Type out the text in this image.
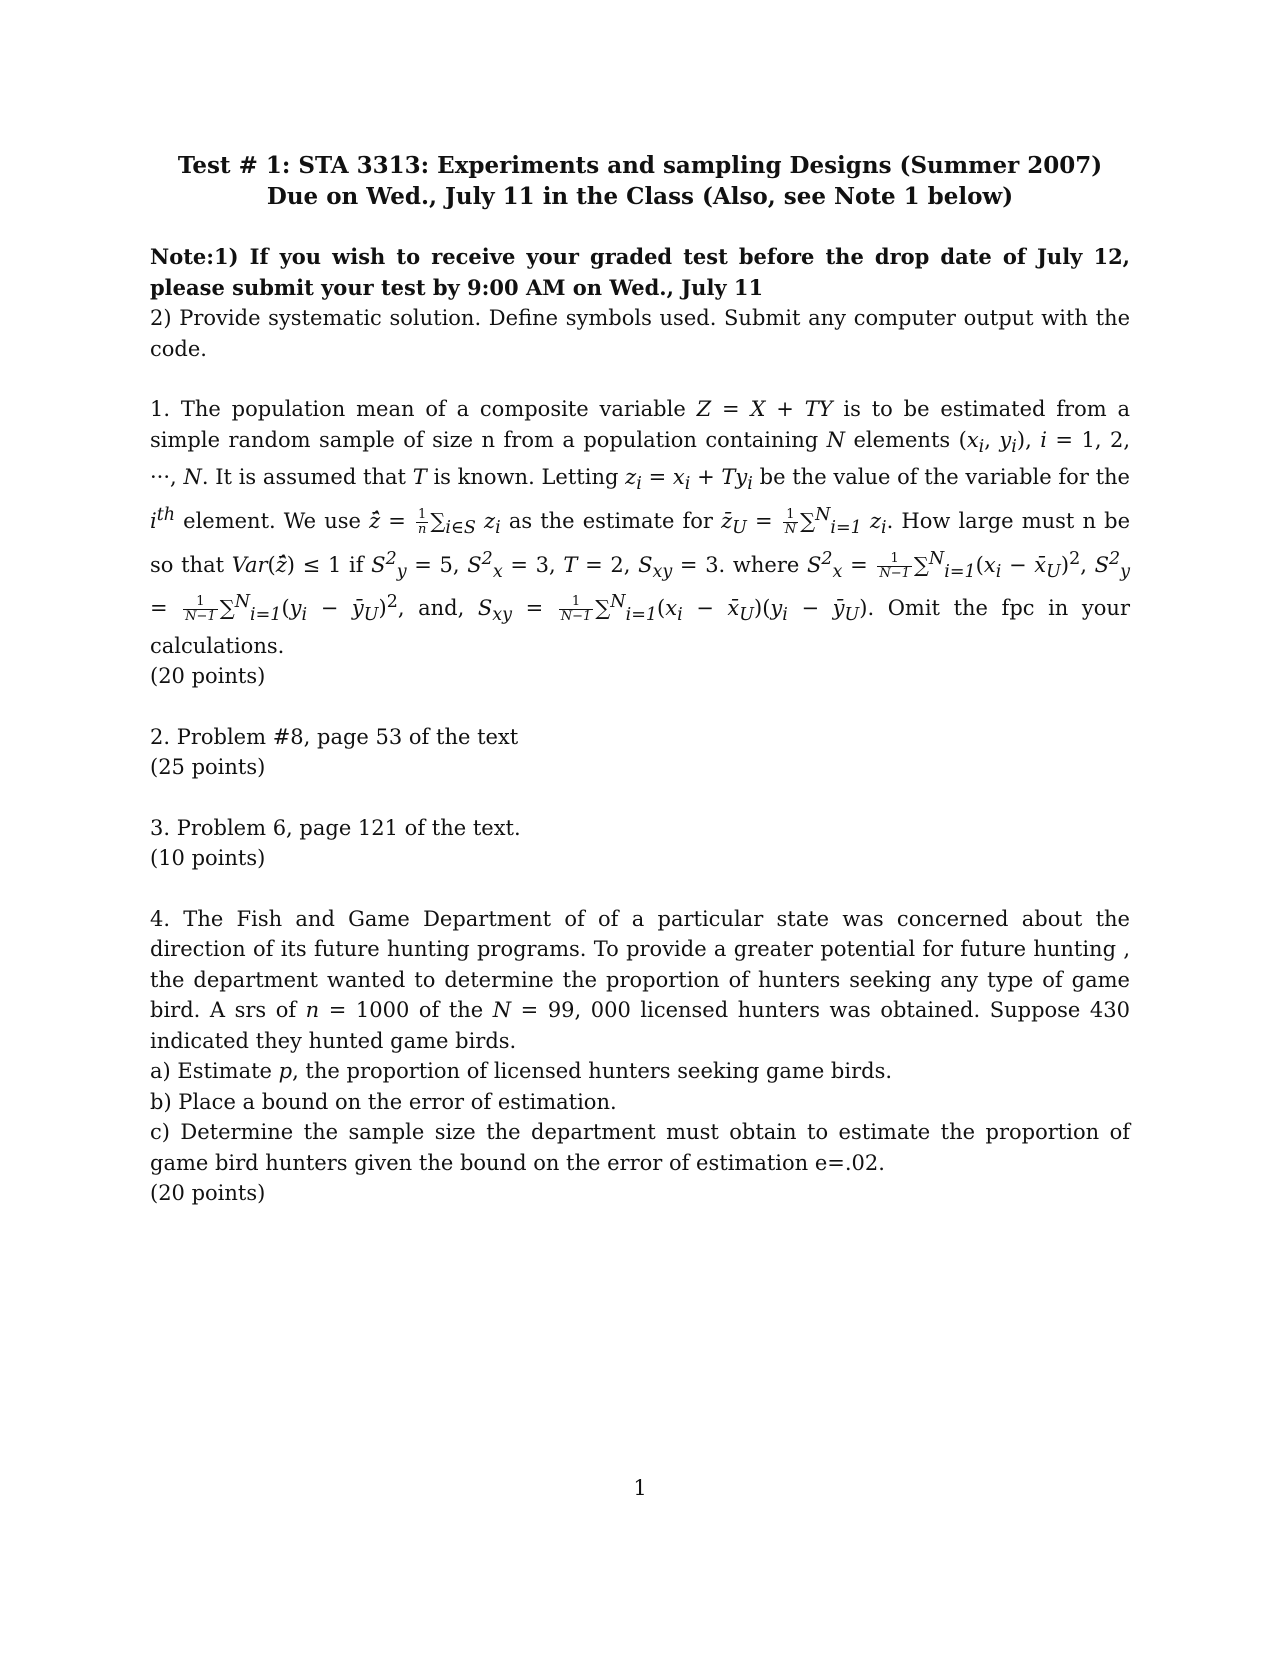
Test # 1: STA 3313: Experiments and sampling Designs (Summer 2007)
Due on Wed., July 11 in the Class (Also, see Note 1 below)

Note:1) If you wish to receive your graded test before the drop date of July 12, please submit your test by 9:00 AM on Wed., July 11

2) Provide systematic solution. Define symbols used. Submit any computer output with the code.

1. The population mean of a composite variable Z = X + TY is to be estimated from a simple random sample of size n from a population containing N elements ($x_i$, $y_i$), i = 1, 2, ···, N. It is assumed that T is known. Letting $z_i = x_i + Ty_i$ be the value of the variable for the $i^{th}$ element. We use ẑ̄ = $\frac{1}{n} \sum_{i\in S}$ $z_i$ as the estimate for $z̄_U = \frac{1}{N} \sum^N_{i=1}$ $z_i$. How large must n be so that Var(ẑ̄) ≤ 1 if $S^2_y = 5$, $S^2_x = 3$, T = 2, $S_{xy} = 3$. where $S^2_x = \frac{1}{N-1} \sum^N_{i=1}(x_i$ − $x̄_U)^2$, $S^2_y = \frac{1}{N-1} \sum^N_{i=1}(y_i$ − $ȳ_U)^2$, and, $S_{xy} = \frac{1}{N-1} \sum^N_{i=1}(x_i$ − $x̄_U)(y_i$ − $ȳ_U$). Omit the fpc in your calculations.

(20 points)

2. Problem #8, page 53 of the text

(25 points)

3. Problem 6, page 121 of the text.

(10 points)

4. The Fish and Game Department of of a particular state was concerned about the direction of its future hunting programs. To provide a greater potential for future hunting , the department wanted to determine the proportion of hunters seeking any type of game bird. A srs of n = 1000 of the N = 99, 000 licensed hunters was obtained. Suppose 430 indicated they hunted game birds.

a) Estimate p, the proportion of licensed hunters seeking game birds.

b) Place a bound on the error of estimation.

c) Determine the sample size the department must obtain to estimate the proportion of game bird hunters given the bound on the error of estimation e=.02.

(20 points)

1
